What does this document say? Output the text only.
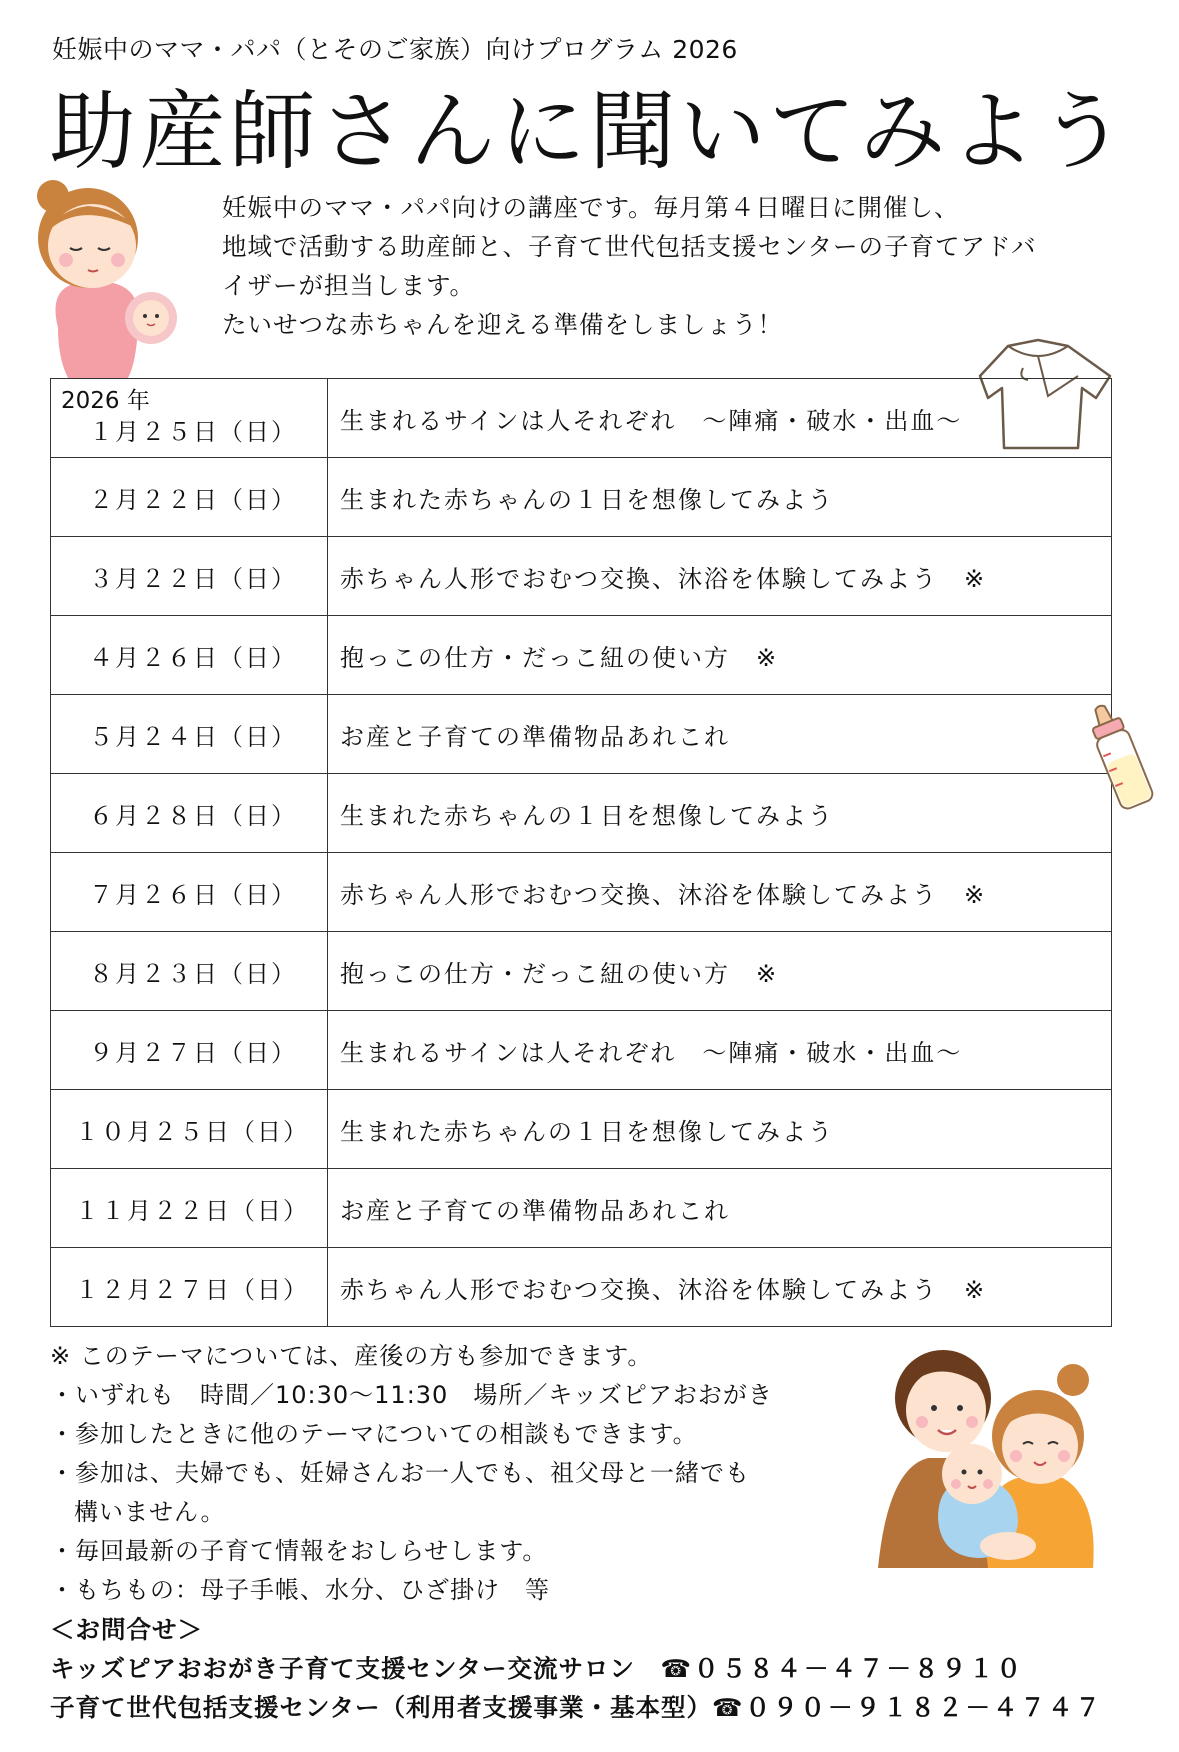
妊娠中のママ・パパ（とそのご家族）向けプログラム 2026
助産師さんに聞いてみよう

妊娠中のママ・パパ向けの講座です。毎月第４日曜日に開催し、

地域で活動する助産師と、子育て世代包括支援センターの子育てアドバ

イザーが担当します。

たいせつな赤ちゃんを迎える準備をしましょう！

2026 年
１月２５日（日）	生まれるサインは人それぞれ　～陣痛・破水・出血～

２月２２日（日）	生まれた赤ちゃんの１日を想像してみよう

３月２２日（日）	赤ちゃん人形でおむつ交換、沐浴を体験してみよう　※

４月２６日（日）	抱っこの仕方・だっこ紐の使い方　※

５月２４日（日）	お産と子育ての準備物品あれこれ

６月２８日（日）	生まれた赤ちゃんの１日を想像してみよう

７月２６日（日）	赤ちゃん人形でおむつ交換、沐浴を体験してみよう　※

８月２３日（日）	抱っこの仕方・だっこ紐の使い方　※

９月２７日（日）	生まれるサインは人それぞれ　～陣痛・破水・出血～

１０月２５日（日）	生まれた赤ちゃんの１日を想像してみよう

１１月２２日（日）	お産と子育ての準備物品あれこれ

１２月２７日（日）	赤ちゃん人形でおむつ交換、沐浴を体験してみよう　※
※ このテーマについては、産後の方も参加できます。
・いずれも　時間／10:30～11:30　場所／キッズピアおおがき
・参加したときに他のテーマについての相談もできます。
・参加は、夫婦でも、妊婦さんお一人でも、祖父母と一緒でも
構いません。
・毎回最新の子育て情報をおしらせします。
・もちもの：母子手帳、水分、ひざ掛け　等
＜お問合せ＞
キッズピアおおがき子育て支援センター交流サロン　☎０５８４－４７－８９１０
子育て世代包括支援センター（利用者支援事業・基本型）☎０９０－９１８２－４７４７
